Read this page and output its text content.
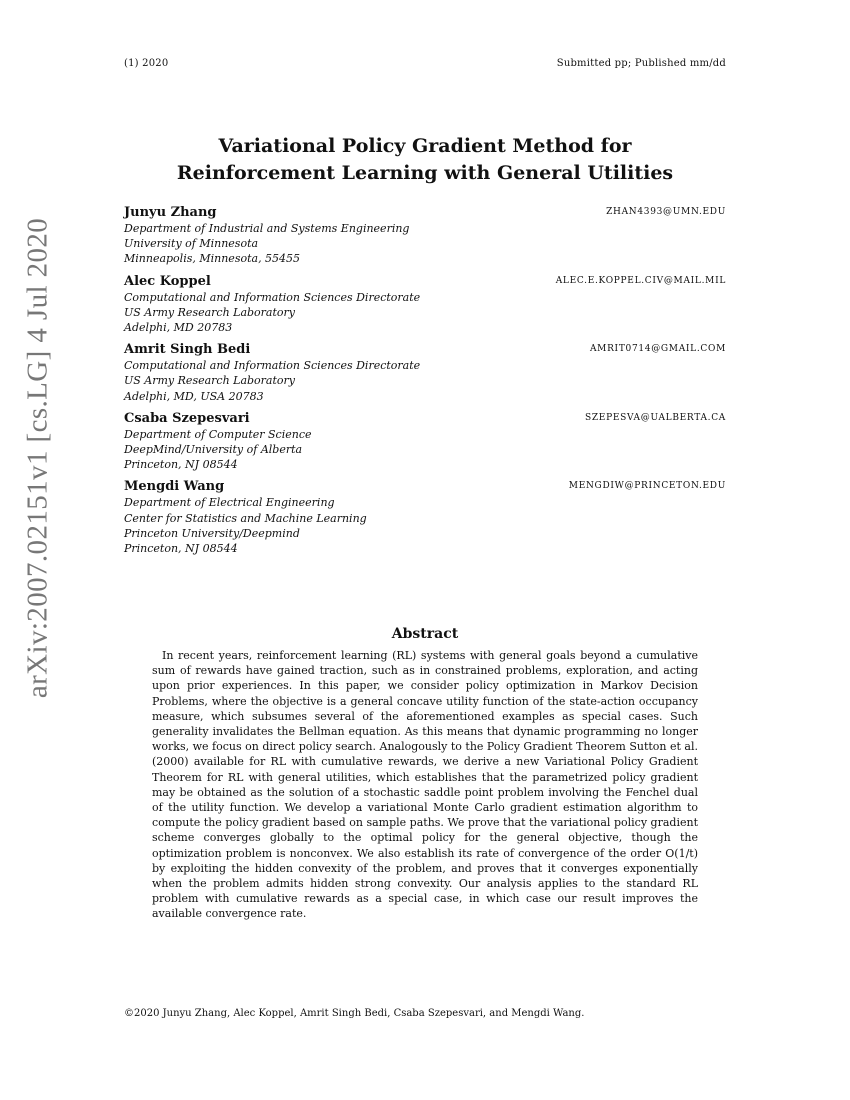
(1) 2020	Submitted pp; Published mm/dd
arXiv:2007.02151v1 [cs.LG] 4 Jul 2020
Variational Policy Gradient Method for
Reinforcement Learning with General Utilities
Junyu Zhang	ZHAN4393@UMN.EDU
Department of Industrial and Systems Engineering
University of Minnesota
Minneapolis, Minnesota, 55455
Alec Koppel	ALEC.E.KOPPEL.CIV@MAIL.MIL
Computational and Information Sciences Directorate
US Army Research Laboratory
Adelphi, MD 20783
Amrit Singh Bedi	AMRIT0714@GMAIL.COM
Computational and Information Sciences Directorate
US Army Research Laboratory
Adelphi, MD, USA 20783
Csaba Szepesvari	SZEPESVA@UALBERTA.CA
Department of Computer Science
DeepMind/University of Alberta
Princeton, NJ 08544
Mengdi Wang	MENGDIW@PRINCETON.EDU
Department of Electrical Engineering
Center for Statistics and Machine Learning
Princeton University/Deepmind
Princeton, NJ 08544
Abstract
In recent years, reinforcement learning (RL) systems with general goals beyond a cumulative sum of rewards have gained traction, such as in constrained problems, exploration, and acting upon prior experiences. In this paper, we consider policy optimization in Markov Decision Problems, where the objective is a general concave utility function of the state-action occupancy measure, which subsumes several of the aforementioned examples as special cases. Such generality invalidates the Bellman equation. As this means that dynamic programming no longer works, we focus on direct policy search. Analogously to the Policy Gradient Theorem Sutton et al. (2000) available for RL with cumulative rewards, we derive a new Variational Policy Gradient Theorem for RL with general utilities, which establishes that the parametrized policy gradient may be obtained as the solution of a stochastic saddle point problem involving the Fenchel dual of the utility function. We develop a variational Monte Carlo gradient estimation algorithm to compute the policy gradient based on sample paths. We prove that the variational policy gradient scheme converges globally to the optimal policy for the general objective, though the optimization problem is nonconvex. We also establish its rate of convergence of the order O(1/t) by exploiting the hidden convexity of the problem, and proves that it converges exponentially when the problem admits hidden strong convexity. Our analysis applies to the standard RL problem with cumulative rewards as a special case, in which case our result improves the available convergence rate.
©2020 Junyu Zhang, Alec Koppel, Amrit Singh Bedi, Csaba Szepesvari, and Mengdi Wang.
